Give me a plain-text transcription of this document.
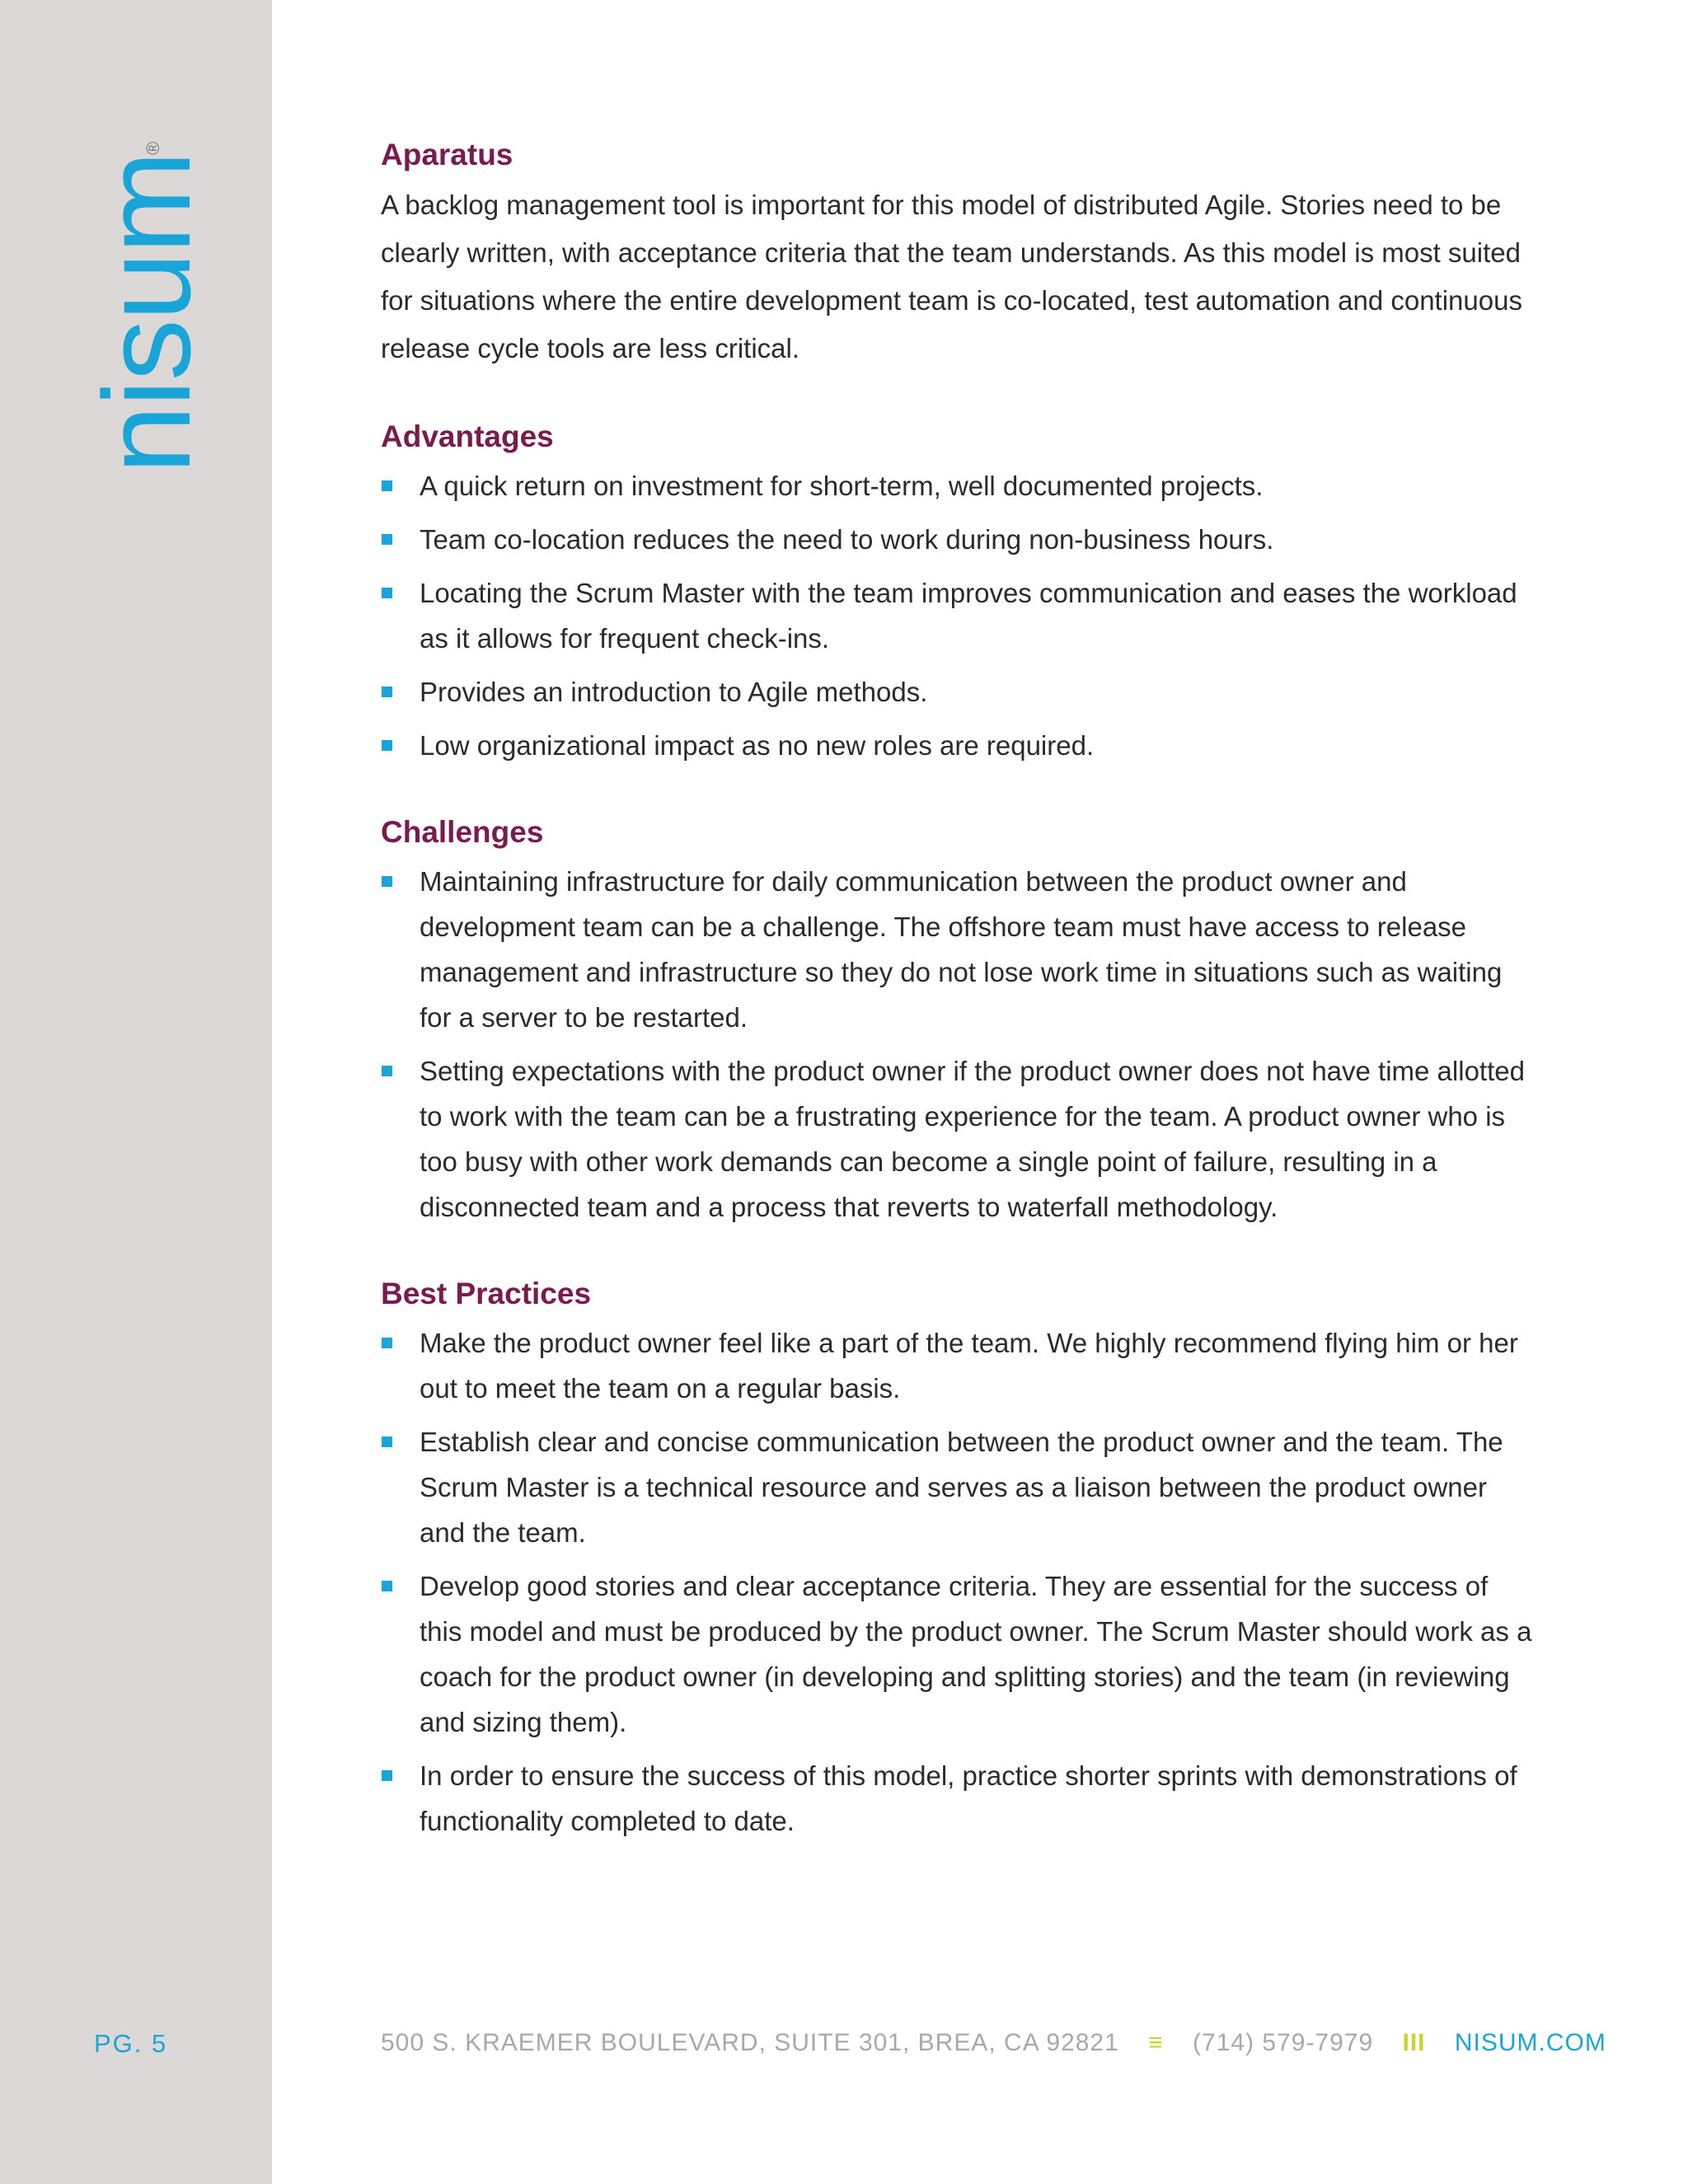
nisum
®
PG. 5
Aparatus

A backlog management tool is important for this model of distributed Agile. Stories need to be clearly written, with acceptance criteria that the team understands. As this model is most suited for situations where the entire development team is co-located, test automation and continuous release cycle tools are less critical.

Advantages
A quick return on investment for short-term, well documented projects.
Team co-location reduces the need to work during non-business hours.
Locating the Scrum Master with the team improves communication and eases the workload as it allows for frequent check-ins.
Provides an introduction to Agile methods.
Low organizational impact as no new roles are required.
Challenges
Maintaining infrastructure for daily communication between the product owner and development team can be a challenge. The offshore team must have access to release management and infrastructure so they do not lose work time in situations such as waiting for a server to be restarted.
Setting expectations with the product owner if the product owner does not have time allotted to work with the team can be a frustrating experience for the team. A product owner who is too busy with other work demands can become a single point of failure, resulting in a disconnected team and a process that reverts to waterfall methodology.
Best Practices
Make the product owner feel like a part of the team. We highly recommend flying him or her out to meet the team on a regular basis.
Establish clear and concise communication between the product owner and the team. The Scrum Master is a technical resource and serves as a liaison between the product owner and the team.
Develop good stories and clear acceptance criteria. They are essential for the success of this model and must be produced by the product owner. The Scrum Master should work as a coach for the product owner (in developing and splitting stories) and the team (in reviewing and sizing them).
In order to ensure the success of this model, practice shorter sprints with demonstrations of functionality completed to date.
500 S. KRAEMER BOULEVARD, SUITE 301, BREA, CA 92821 ≡ (714) 579-7979 III NISUM.COM
